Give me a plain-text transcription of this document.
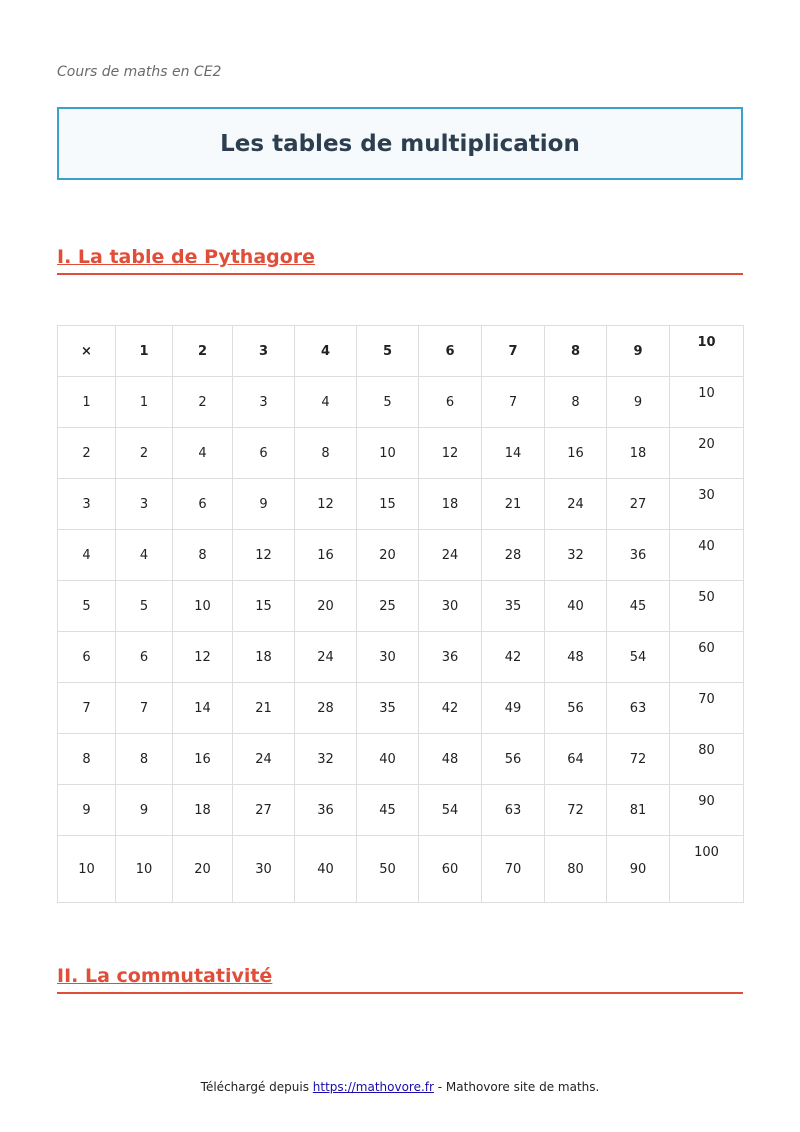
Cours de maths en CE2
Les tables de multiplication
I. La table de Pythagore
×	1	2	3	4	5	6	7	8	9	10
1	1	2	3	4	5	6	7	8	9	10
2	2	4	6	8	10	12	14	16	18	20
3	3	6	9	12	15	18	21	24	27	30
4	4	8	12	16	20	24	28	32	36	40
5	5	10	15	20	25	30	35	40	45	50
6	6	12	18	24	30	36	42	48	54	60
7	7	14	21	28	35	42	49	56	63	70
8	8	16	24	32	40	48	56	64	72	80
9	9	18	27	36	45	54	63	72	81	90
10	10	20	30	40	50	60	70	80	90	100
II. La commutativité
Téléchargé depuis https://mathovore.fr - Mathovore site de maths.
